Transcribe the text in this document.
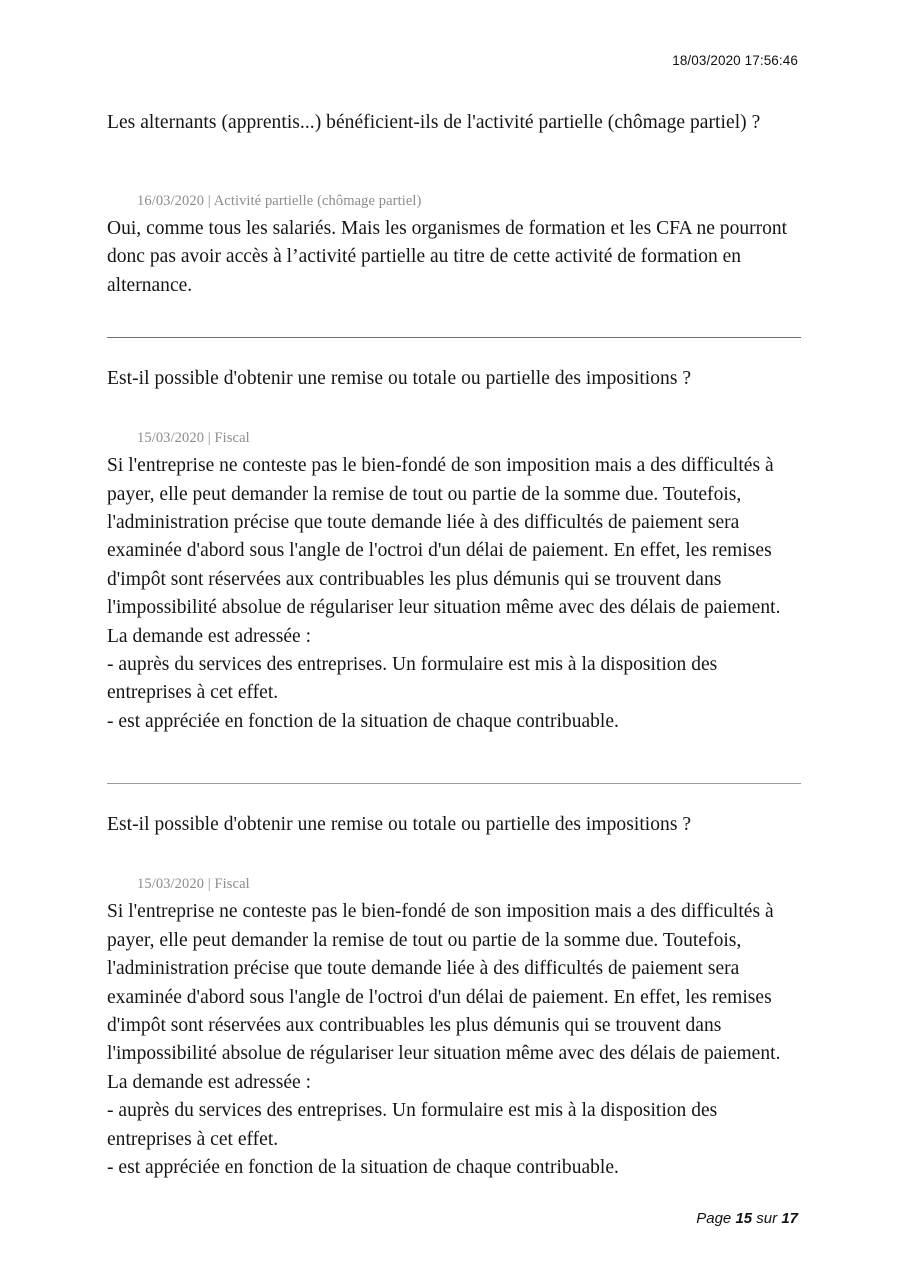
18/03/2020 17:56:46
Les alternants (apprentis...) bénéficient-ils de l'activité partielle (chômage partiel) ?
16/03/2020 | Activité partielle (chômage partiel)

Oui, comme tous les salariés. Mais les organismes de formation et les CFA ne pourront donc pas avoir accès à l’activité partielle au titre de cette activité de formation en alternance.

Est-il possible d'obtenir une remise ou totale ou partielle des impositions ?
15/03/2020 | Fiscal

Si l'entreprise ne conteste pas le bien-fondé de son imposition mais a des difficultés à payer, elle peut demander la remise de tout ou partie de la somme due. Toutefois, l'administration précise que toute demande liée à des difficultés de paiement sera examinée d'abord sous l'angle de l'octroi d'un délai de paiement. En effet, les remises d'impôt sont réservées aux contribuables les plus démunis qui se trouvent dans l'impossibilité absolue de régulariser leur situation même avec des délais de paiement.

La demande est adressée :

- auprès du services des entreprises. Un formulaire est mis à la disposition des entreprises à cet effet.

- est appréciée en fonction de la situation de chaque contribuable.

Est-il possible d'obtenir une remise ou totale ou partielle des impositions ?
15/03/2020 | Fiscal

Si l'entreprise ne conteste pas le bien-fondé de son imposition mais a des difficultés à payer, elle peut demander la remise de tout ou partie de la somme due. Toutefois, l'administration précise que toute demande liée à des difficultés de paiement sera examinée d'abord sous l'angle de l'octroi d'un délai de paiement. En effet, les remises d'impôt sont réservées aux contribuables les plus démunis qui se trouvent dans l'impossibilité absolue de régulariser leur situation même avec des délais de paiement.

La demande est adressée :

- auprès du services des entreprises. Un formulaire est mis à la disposition des entreprises à cet effet.

- est appréciée en fonction de la situation de chaque contribuable.

Page 15 sur 17
